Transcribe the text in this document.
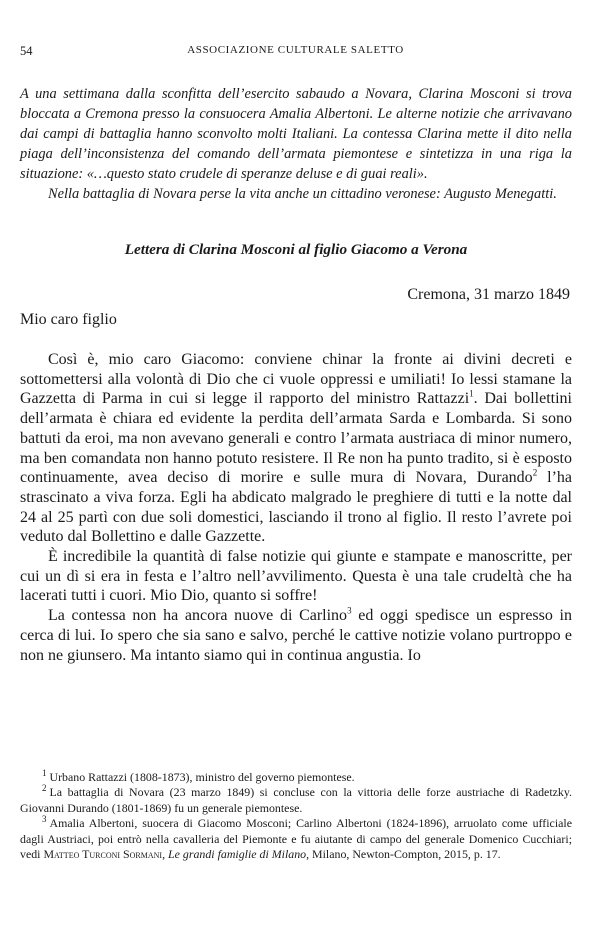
54	ASSOCIAZIONE CULTURALE SALETTO

A una settimana dalla sconfitta dell’esercito sabaudo a Novara, Clarina Mosconi si trova bloccata a Cremona presso la consuocera Amalia Albertoni. Le alterne notizie che arrivavano dai campi di battaglia hanno sconvolto molti Italiani. La contessa Clarina mette il dito nella piaga dell’inconsistenza del comando dell’armata piemontese e sintetizza in una riga la situazione: «…questo stato crudele di speranze deluse e di guai reali».

Nella battaglia di Novara perse la vita anche un cittadino veronese: Augusto Menegatti.

Lettera di Clarina Mosconi al figlio Giacomo a Verona
Cremona, 31 marzo 1849
Mio caro figlio

Così è, mio caro Giacomo: conviene chinar la fronte ai divini decreti e sottomettersi alla volontà di Dio che ci vuole oppressi e umiliati! Io lessi stamane la Gazzetta di Parma in cui si legge il rapporto del ministro Rattazzi$^1$. Dai bollettini dell’armata è chiara ed evidente la perdita dell’armata Sarda e Lombarda. Si sono battuti da eroi, ma non avevano generali e contro l’armata austriaca di minor numero, ma ben comandata non hanno potuto resistere. Il Re non ha punto tradito, si è esposto continuamente, avea deciso di morire e sulle mura di Novara, Durando$^2$ l’ha strascinato a viva forza. Egli ha abdicato malgrado le preghiere di tutti e la notte dal 24 al 25 partì con due soli domestici, lasciando il trono al figlio. Il resto l’avrete poi veduto dal Bollettino e dalle Gazzette.

È incredibile la quantità di false notizie qui giunte e stampate e manoscritte, per cui un dì si era in festa e l’altro nell’avvilimento. Questa è una tale crudeltà che ha lacerati tutti i cuori. Mio Dio, quanto si soffre!

La contessa non ha ancora nuove di Carlino$^3$ ed oggi spedisce un espresso in cerca di lui. Io spero che sia sano e salvo, perché le cattive notizie volano purtroppo e non ne giunsero. Ma intanto siamo qui in continua angustia. Io

$^1$ Urbano Rattazzi (1808-1873), ministro del governo piemontese.

$^2$ La battaglia di Novara (23 marzo 1849) si concluse con la vittoria delle forze austriache di Radetzky. Giovanni Durando (1801-1869) fu un generale piemontese.

$^3$ Amalia Albertoni, suocera di Giacomo Mosconi; Carlino Albertoni (1824-1896), arruolato come ufficiale dagli Austriaci, poi entrò nella cavalleria del Piemonte e fu aiutante di campo del generale Domenico Cucchiari; vedi Matteo Turconi Sormani, Le grandi famiglie di Milano, Milano, Newton-Compton, 2015, p. 17.
